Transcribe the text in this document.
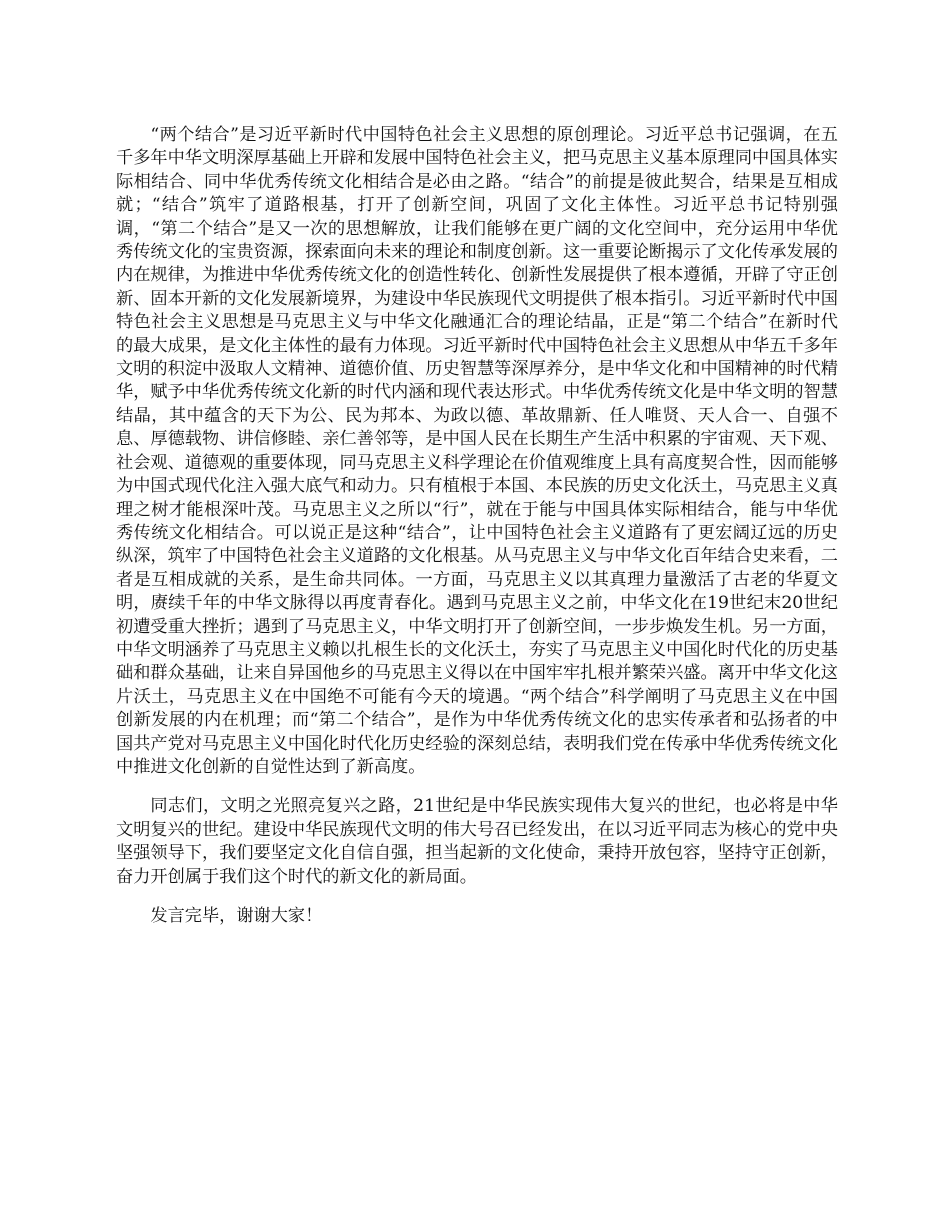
“两个结合”是习近平新时代中国特色社会主义思想的原创理论。习近平总书记强调，在五千多年中华文明深厚基础上开辟和发展中国特色社会主义，把马克思主义基本原理同中国具体实际相结合、同中华优秀传统文化相结合是必由之路。“结合”的前提是彼此契合，结果是互相成就；“结合”筑牢了道路根基，打开了创新空间，巩固了文化主体性。习近平总书记特别强调，“第二个结合”是又一次的思想解放，让我们能够在更广阔的文化空间中，充分运用中华优秀传统文化的宝贵资源，探索面向未来的理论和制度创新。这一重要论断揭示了文化传承发展的内在规律，为推进中华优秀传统文化的创造性转化、创新性发展提供了根本遵循，开辟了守正创新、固本开新的文化发展新境界，为建设中华民族现代文明提供了根本指引。习近平新时代中国特色社会主义思想是马克思主义与中华文化融通汇合的理论结晶，正是“第二个结合”在新时代的最大成果，是文化主体性的最有力体现。习近平新时代中国特色社会主义思想从中华五千多年文明的积淀中汲取人文精神、道德价值、历史智慧等深厚养分，是中华文化和中国精神的时代精华，赋予中华优秀传统文化新的时代内涵和现代表达形式。中华优秀传统文化是中华文明的智慧结晶，其中蕴含的天下为公、民为邦本、为政以德、革故鼎新、任人唯贤、天人合一、自强不息、厚德载物、讲信修睦、亲仁善邻等，是中国人民在长期生产生活中积累的宇宙观、天下观、社会观、道德观的重要体现，同马克思主义科学理论在价值观维度上具有高度契合性，因而能够为中国式现代化注入强大底气和动力。只有植根于本国、本民族的历史文化沃土，马克思主义真理之树才能根深叶茂。马克思主义之所以“行”，就在于能与中国具体实际相结合，能与中华优秀传统文化相结合。可以说正是这种“结合”，让中国特色社会主义道路有了更宏阔辽远的历史纵深，筑牢了中国特色社会主义道路的文化根基。从马克思主义与中华文化百年结合史来看，二者是互相成就的关系，是生命共同体。一方面，马克思主义以其真理力量激活了古老的华夏文明，赓续千年的中华文脉得以再度青春化。遇到马克思主义之前，中华文化在19世纪末20世纪初遭受重大挫折；遇到了马克思主义，中华文明打开了创新空间，一步步焕发生机。另一方面，中华文明涵养了马克思主义赖以扎根生长的文化沃土，夯实了马克思主义中国化时代化的历史基础和群众基础，让来自异国他乡的马克思主义得以在中国牢牢扎根并繁荣兴盛。离开中华文化这片沃土，马克思主义在中国绝不可能有今天的境遇。“两个结合”科学阐明了马克思主义在中国创新发展的内在机理；而“第二个结合”，是作为中华优秀传统文化的忠实传承者和弘扬者的中国共产党对马克思主义中国化时代化历史经验的深刻总结，表明我们党在传承中华优秀传统文化中推进文化创新的自觉性达到了新高度。

同志们，文明之光照亮复兴之路，21世纪是中华民族实现伟大复兴的世纪，也必将是中华文明复兴的世纪。建设中华民族现代文明的伟大号召已经发出，在以习近平同志为核心的党中央坚强领导下，我们要坚定文化自信自强，担当起新的文化使命，秉持开放包容，坚持守正创新，奋力开创属于我们这个时代的新文化的新局面。

发言完毕，谢谢大家！
